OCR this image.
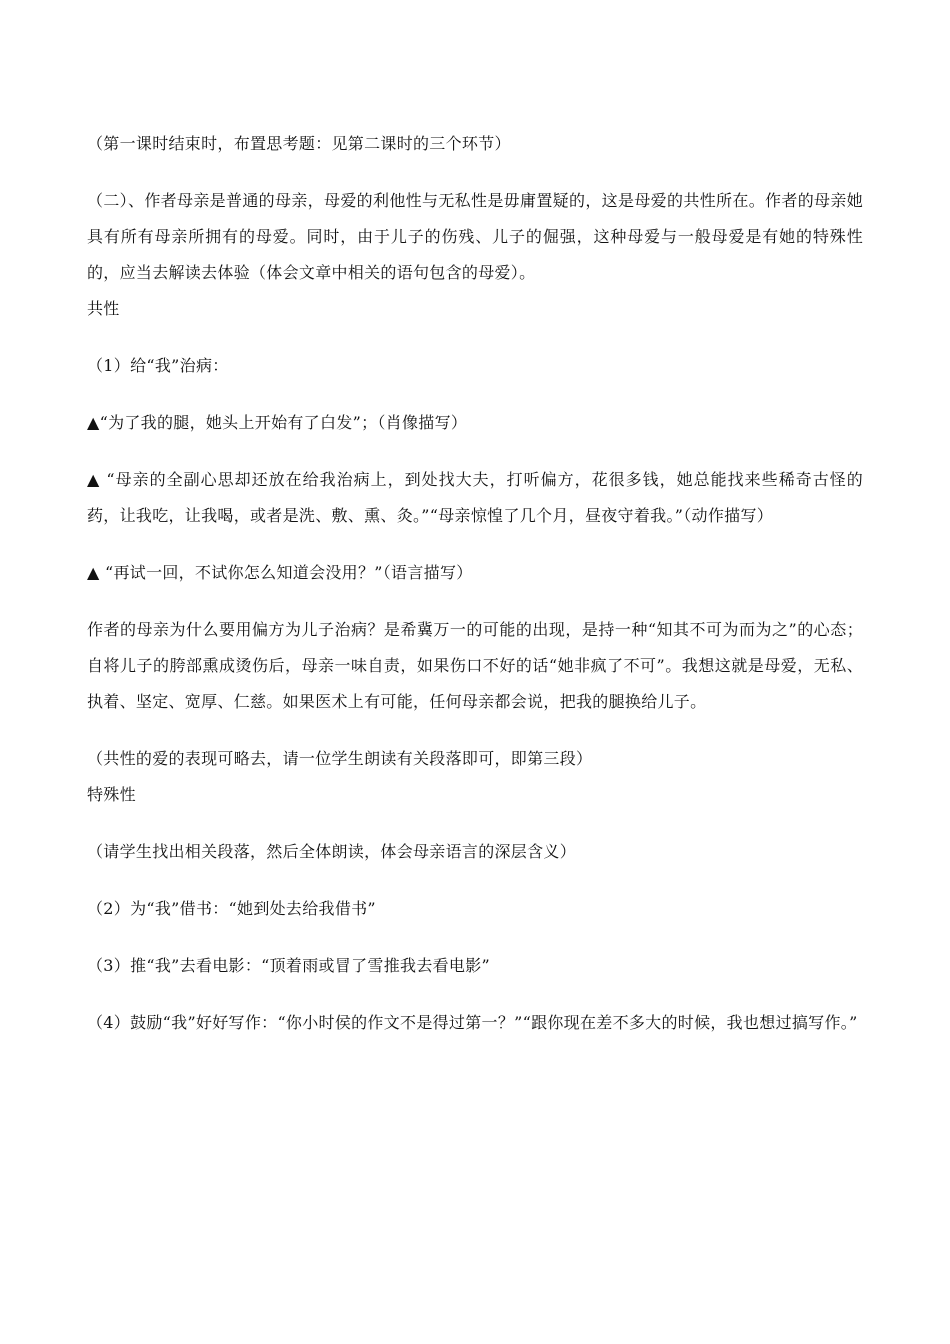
（第一课时结束时，布置思考题：见第二课时的三个环节）

（二）、作者母亲是普通的母亲，母爱的利他性与无私性是毋庸置疑的，这是母爱的共性所在。作者的母亲她具有所有母亲所拥有的母爱。同时，由于儿子的伤残、儿子的倔强，这种母爱与一般母爱是有她的特殊性的，应当去解读去体验（体会文章中相关的语句包含的母爱）。

共性

（1）给“我”治病：

▲“为了我的腿，她头上开始有了白发”；（肖像描写）

▲ “母亲的全副心思却还放在给我治病上，到处找大夫，打听偏方，花很多钱，她总能找来些稀奇古怪的药，让我吃，让我喝，或者是洗、敷、熏、灸。”“母亲惊惶了几个月，昼夜守着我。”（动作描写）

▲ “再试一回，不试你怎么知道会没用？”（语言描写）

作者的母亲为什么要用偏方为儿子治病？是希冀万一的可能的出现，是持一种“知其不可为而为之”的心态；自将儿子的胯部熏成烫伤后，母亲一味自责，如果伤口不好的话“她非疯了不可”。我想这就是母爱，无私、执着、坚定、宽厚、仁慈。如果医术上有可能，任何母亲都会说，把我的腿换给儿子。

（共性的爱的表现可略去，请一位学生朗读有关段落即可，即第三段）

特殊性

（请学生找出相关段落，然后全体朗读，体会母亲语言的深层含义）

（2）为“我”借书：“她到处去给我借书”

（3）推“我”去看电影：“顶着雨或冒了雪推我去看电影”

（4）鼓励“我”好好写作：“你小时侯的作文不是得过第一？”“跟你现在差不多大的时候，我也想过搞写作。”
